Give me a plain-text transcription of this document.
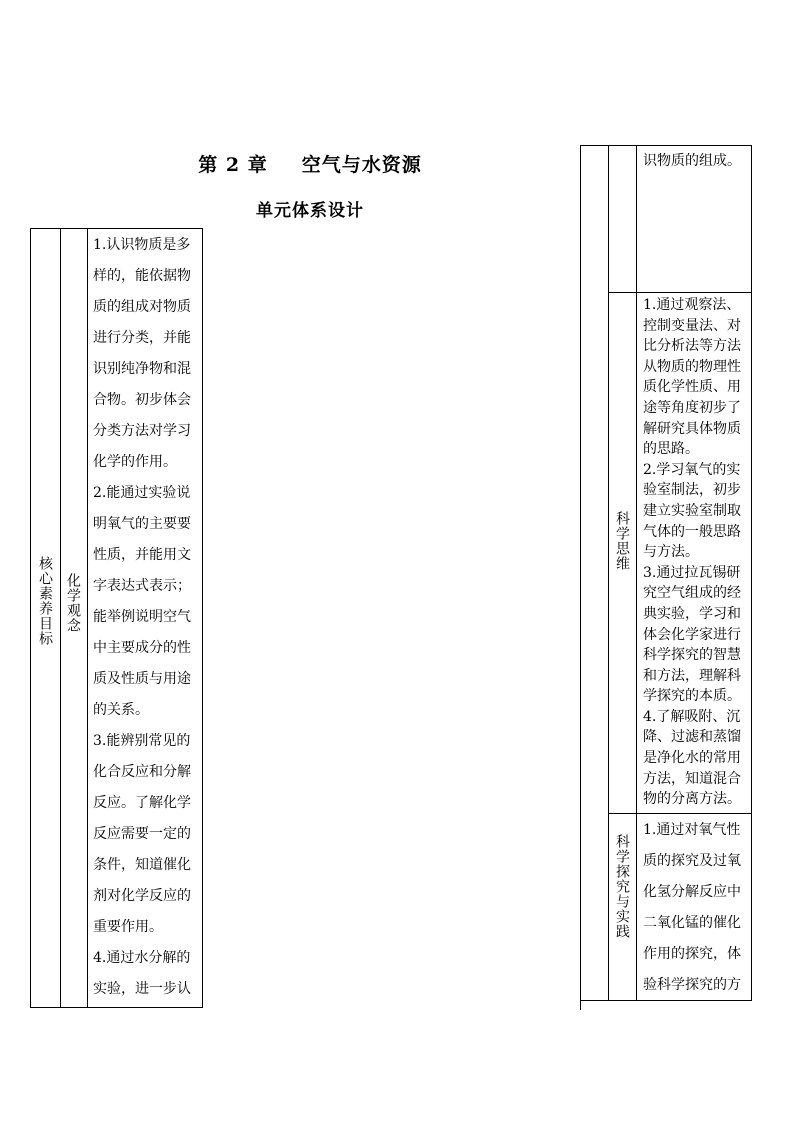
第 2 章 空气与水资源
单元体系设计
核心素养目标 化学观念
1.认识物质是多样的，能依据物质的组成对物质进行分类，并能识别纯净物和混合物。初步体会分类方法对学习化学的作用。
2.能通过实验说明氧气的主要要性质，并能用文字表达式表示；能举例说明空气中主要成分的性质及性质与用途的关系。
3.能辨别常见的化合反应和分解反应。了解化学反应需要一定的条件，知道催化剂对化学反应的重要作用。
4.通过水分解的实验，进一步认
识物质的组成。
科学思维
1.通过观察法、控制变量法、对比分析法等方法从物质的物理性质化学性质、用途等角度初步了解研究具体物质的思路。
2.学习氧气的实验室制法，初步建立实验室制取气体的一般思路与方法。
3.通过拉瓦锡研究空气组成的经典实验，学习和体会化学家进行科学探究的智慧和方法，理解科学探究的本质。
4.了解吸附、沉降、过滤和蒸馏是净化水的常用方法，知道混合物的分离方法。
科学探究与实践
1.通过对氧气性质的探究及过氧化氢分解反应中二氧化锰的催化作用的探究，体验科学探究的方
